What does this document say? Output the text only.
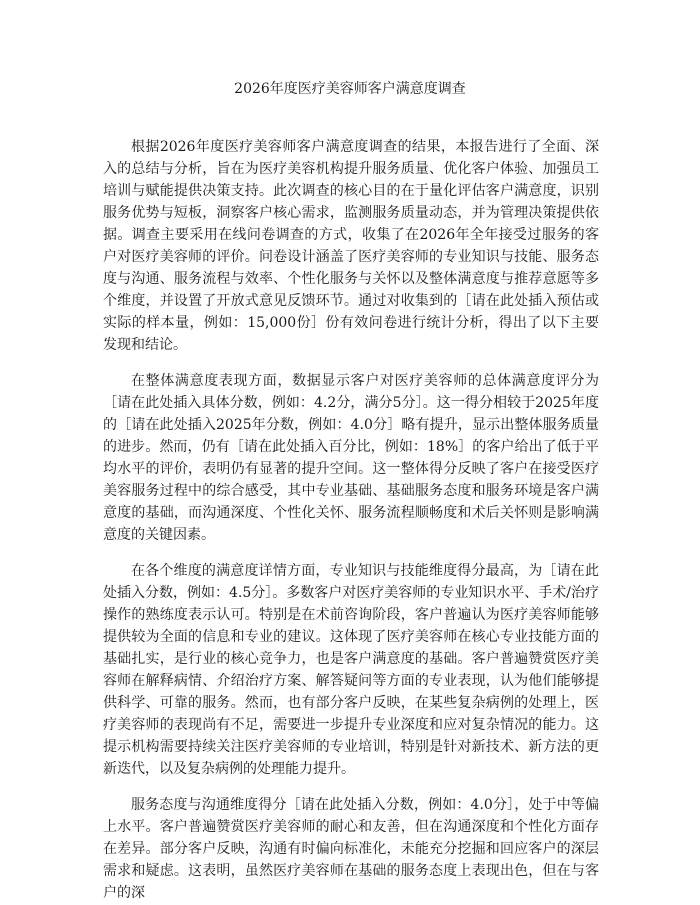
2026年度医疗美容师客户满意度调查

根据2026年度医疗美容师客户满意度调查的结果，本报告进行了全面、深入的总结与分析，旨在为医疗美容机构提升服务质量、优化客户体验、加强员工培训与赋能提供决策支持。此次调查的核心目的在于量化评估客户满意度，识别服务优势与短板，洞察客户核心需求，监测服务质量动态，并为管理决策提供依据。调查主要采用在线问卷调查的方式，收集了在2026年全年接受过服务的客户对医疗美容师的评价。问卷设计涵盖了医疗美容师的专业知识与技能、服务态度与沟通、服务流程与效率、个性化服务与关怀以及整体满意度与推荐意愿等多个维度，并设置了开放式意见反馈环节。通过对收集到的［请在此处插入预估或实际的样本量，例如：15,000份］份有效问卷进行统计分析，得出了以下主要发现和结论。

在整体满意度表现方面，数据显示客户对医疗美容师的总体满意度评分为［请在此处插入具体分数，例如：4.2分，满分5分］。这一得分相较于2025年度的［请在此处插入2025年分数，例如：4.0分］略有提升，显示出整体服务质量的进步。然而，仍有［请在此处插入百分比，例如：18%］的客户给出了低于平均水平的评价，表明仍有显著的提升空间。这一整体得分反映了客户在接受医疗美容服务过程中的综合感受，其中专业基础、基础服务态度和服务环境是客户满意度的基础，而沟通深度、个性化关怀、服务流程顺畅度和术后关怀则是影响满意度的关键因素。

在各个维度的满意度详情方面，专业知识与技能维度得分最高，为［请在此处插入分数，例如：4.5分］。多数客户对医疗美容师的专业知识水平、手术/治疗操作的熟练度表示认可。特别是在术前咨询阶段，客户普遍认为医疗美容师能够提供较为全面的信息和专业的建议。这体现了医疗美容师在核心专业技能方面的基础扎实，是行业的核心竞争力，也是客户满意度的基础。客户普遍赞赏医疗美容师在解释病情、介绍治疗方案、解答疑问等方面的专业表现，认为他们能够提供科学、可靠的服务。然而，也有部分客户反映，在某些复杂病例的处理上，医疗美容师的表现尚有不足，需要进一步提升专业深度和应对复杂情况的能力。这提示机构需要持续关注医疗美容师的专业培训，特别是针对新技术、新方法的更新迭代，以及复杂病例的处理能力提升。

服务态度与沟通维度得分［请在此处插入分数，例如：4.0分］，处于中等偏上水平。客户普遍赞赏医疗美容师的耐心和友善，但在沟通深度和个性化方面存在差异。部分客户反映，沟通有时偏向标准化，未能充分挖掘和回应客户的深层需求和疑虑。这表明，虽然医疗美容师在基础的服务态度上表现出色，但在与客户的深
